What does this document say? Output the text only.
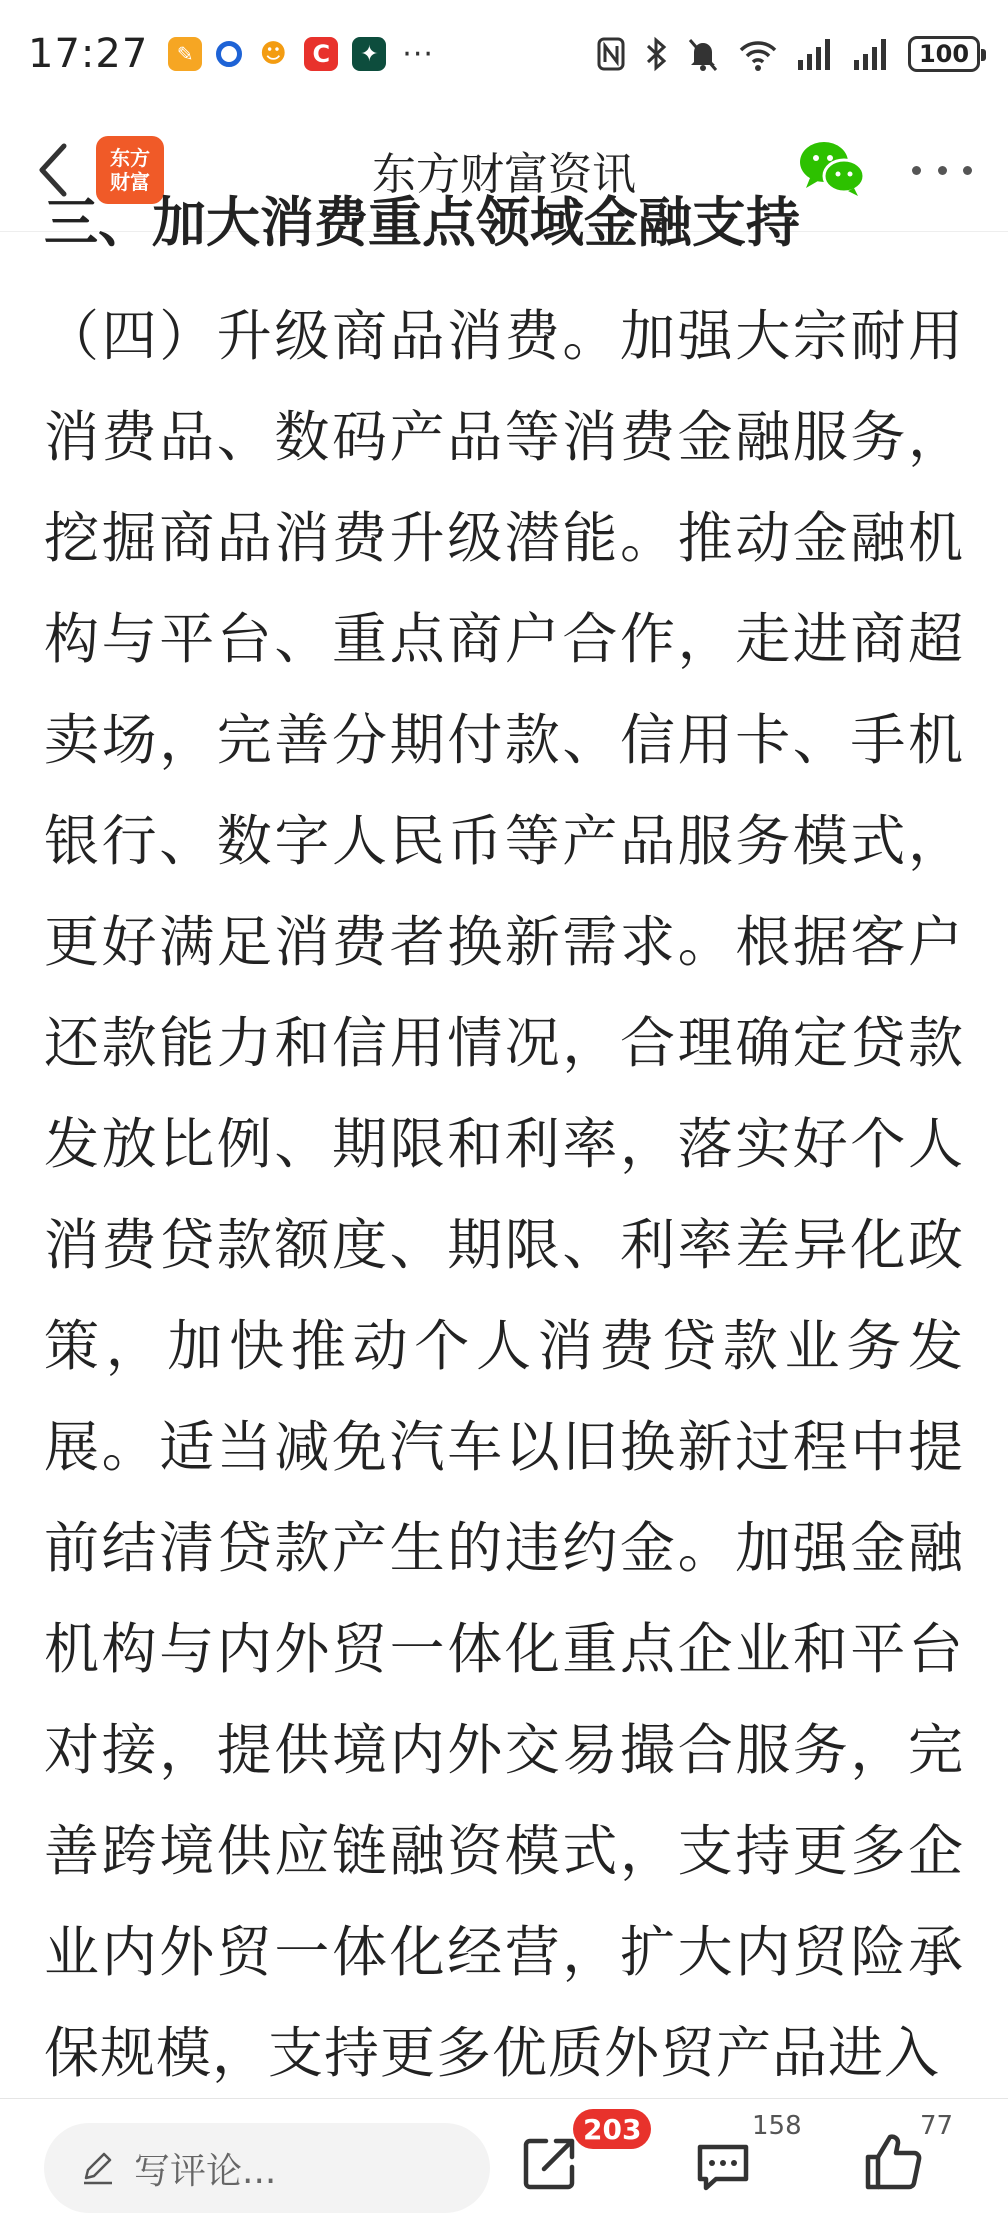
17:27	✎	☻	C	✦ ···	100
东方
财富	东方财富资讯
三、加大消费重点领域金融支持

（四）升级商品消费。加强大宗耐用消费品、数码产品等消费金融服务，挖掘商品消费升级潜能。推动金融机构与平台、重点商户合作，走进商超卖场，完善分期付款、信用卡、手机银行、数字人民币等产品服务模式，更好满足消费者换新需求。根据客户还款能力和信用情况，合理确定贷款发放比例、期限和利率，落实好个人消费贷款额度、期限、利率差异化政策，加快推动个人消费贷款业务发展。适当减免汽车以旧换新过程中提前结清贷款产生的违约金。加强金融机构与内外贸一体化重点企业和平台对接，提供境内外交易撮合服务，完善跨境供应链融资模式，支持更多企业内外贸一体化经营，扩大内贸险承保规模，支持更多优质外贸产品进入

写评论...
203	158	77
